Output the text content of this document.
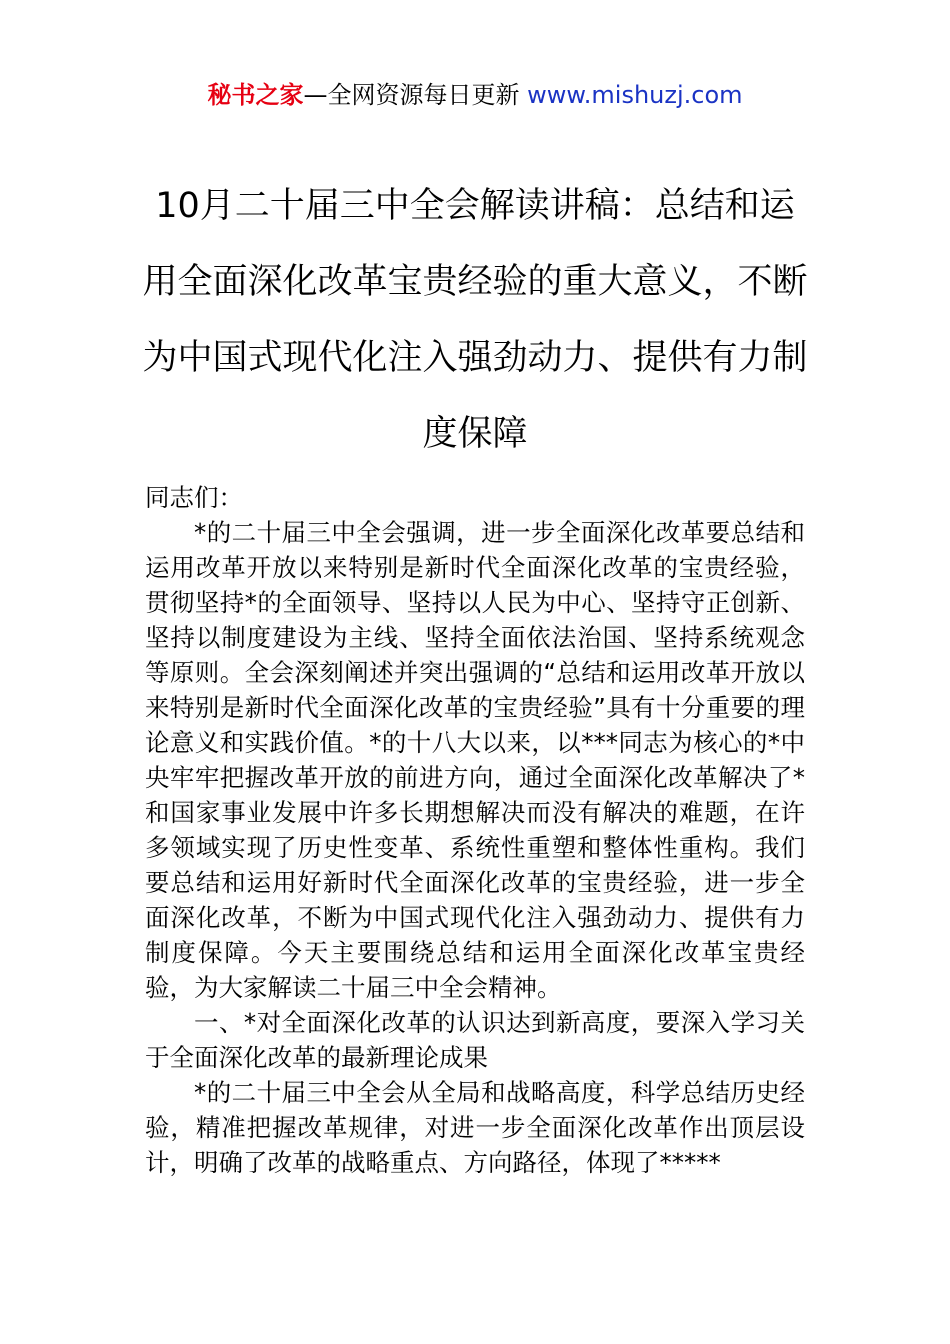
秘书之家—全网资源每日更新 www.mishuzj.com
10月二十届三中全会解读讲稿：总结和运用全面深化改革宝贵经验的重大意义，不断为中国式现代化注入强劲动力、提供有力制度保障

同志们：

*的二十届三中全会强调，进一步全面深化改革要总结和运用改革开放以来特别是新时代全面深化改革的宝贵经验，贯彻坚持*的全面领导、坚持以人民为中心、坚持守正创新、坚持以制度建设为主线、坚持全面依法治国、坚持系统观念等原则。全会深刻阐述并突出强调的“总结和运用改革开放以来特别是新时代全面深化改革的宝贵经验”具有十分重要的理论意义和实践价值。*的十八大以来，以***同志为核心的*中央牢牢把握改革开放的前进方向，通过全面深化改革解决了*和国家事业发展中许多长期想解决而没有解决的难题，在许多领域实现了历史性变革、系统性重塑和整体性重构。我们要总结和运用好新时代全面深化改革的宝贵经验，进一步全面深化改革，不断为中国式现代化注入强劲动力、提供有力制度保障。今天主要围绕总结和运用全面深化改革宝贵经验，为大家解读二十届三中全会精神。

一、*对全面深化改革的认识达到新高度，要深入学习关于全面深化改革的最新理论成果

*的二十届三中全会从全局和战略高度，科学总结历史经验，精准把握改革规律，对进一步全面深化改革作出顶层设计，明确了改革的战略重点、方向路径，体现了*****
